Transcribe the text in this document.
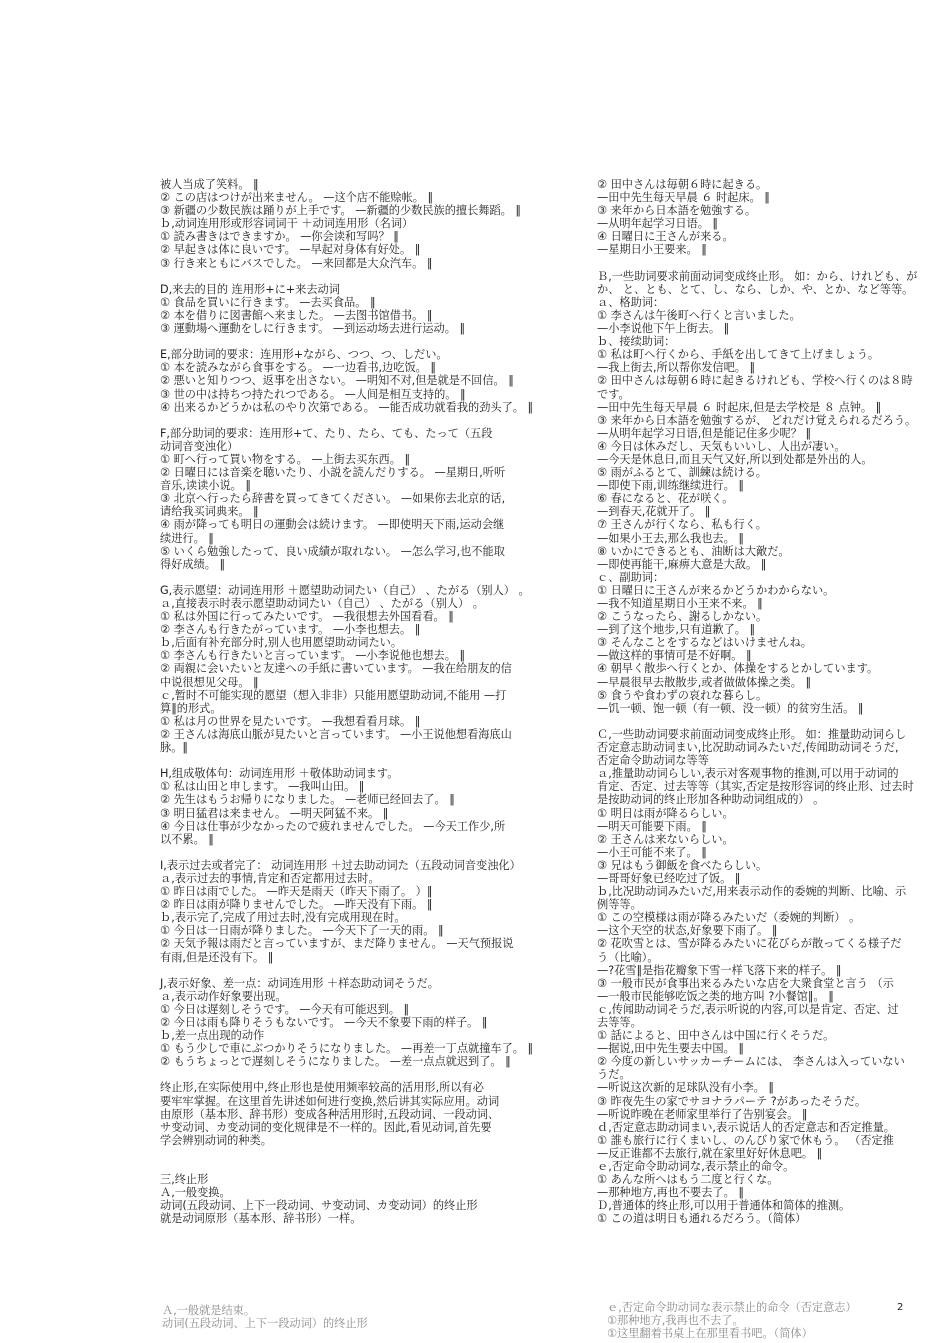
被人当成了笑料。 ‖
② この店はつけが出来ません。 —这个店不能赊帐。 ‖
③ 新疆の少数民族は踊りが上手です。 —新疆的少数民族的擅长舞蹈。 ‖
ｂ,动词连用形或形容词词干 ＋动词连用形（名词）
① 読み書きはできますか。 —你会读和写吗？ ‖
② 早起きは体に良いです。 —早起对身体有好处。 ‖
③ 行き来ともにバスでした。 —来回都是大众汽车。 ‖
D,来去的目的 连用形+に+来去动词
① 食品を買いに行きます。 —去买食品。 ‖
② 本を借りに図書館へ来ました。 —去图书馆借书。 ‖
③ 運動場へ運動をしに行きます。 —到运动场去进行运动。 ‖
E,部分助词的要求：连用形+ながら、つつ、つ、しだい。
① 本を読みながら食事をする。 —一边看书,边吃饭。 ‖
② 悪いと知りつつ、返事を出さない。 —明知不对,但是就是不回信。 ‖
③ 世の中は持ちつ持たれつである。 —人间是相互支持的。 ‖
④ 出来るかどうかは私のやり次第である。 —能否成功就看我的劲头了。 ‖
F,部分助词的要求：连用形+て、たり、たら、ても、たって（五段
动词音变浊化）
① 町へ行って買い物をする。 —上街去买东西。 ‖
② 日曜日には音楽を聴いたり、小説を読んだりする。 —星期日,听听
音乐,读读小说。 ‖
③ 北京へ行ったら辞書を買ってきてください。 —如果你去北京的话,
请给我买词典来。 ‖
④ 雨が降っても明日の運動会は続けます。 —即使明天下雨,运动会继
续进行。 ‖
⑤ いくら勉強したって、良い成績が取れない。 —怎么学习,也不能取
得好成绩。 ‖
G,表示愿望：动词连用形 ＋愿望助动词たい（自己） 、たがる（别人） 。
ａ,直接表示时表示愿望助动词たい（自己） 、たがる（别人） 。
① 私は外国に行ってみたいです。 —我很想去外国看看。 ‖
② 李さんも行きたがっています。 —小李也想去。 ‖
ｂ,后面有补充部分时,别人也用愿望助动词たい。
① 李さんも行きたいと言っています。 —小李说他也想去。 ‖
② 両親に会いたいと友達への手紙に書いています。 —我在给朋友的信
中说很想见父母。 ‖
ｃ,暂时不可能实现的愿望（想入非非）只能用愿望助动词,不能用 —打
算‖的形式。
① 私は月の世界を見たいです。 —我想看看月球。 ‖
② 王さんは海底山脈が見たいと言っています。 —小王说他想看海底山
脉。‖
H,组成敬体句：动词连用形 ＋敬体助动词ます。
① 私は山田と申します。 —我叫山田。 ‖
② 先生はもうお帰りになりました。 —老师已经回去了。 ‖
③ 明日猛君は来ません。 —明天阿猛不来。 ‖
④ 今日は仕事が少なかったので疲れませんでした。 —今天工作少,所
以不累。 ‖
I,表示过去或者完了： 动词连用形 ＋过去助动词た（五段动词音变浊化）
ａ,表示过去的事情,肯定和否定都用过去时。
① 昨日は雨でした。 —昨天是雨天（昨天下雨了。 ）‖
② 昨日は雨が降りませんでした。 —昨天没有下雨。 ‖
ｂ,表示完了,完成了用过去时,没有完成用现在时。
① 今日は一日雨が降りました。 —今天下了一天的雨。 ‖
② 天気予報は雨だと言っていますが、まだ降りません。 —天气预报说
有雨,但是还没有下。 ‖
J,表示好象、差一点：动词连用形 ＋样态助动词そうだ。
ａ,表示动作好象要出现。
① 今日は遅刻しそうです。 —今天有可能迟到。 ‖
② 今日は雨も降りそうもないです。 —今天不象要下雨的样子。 ‖
ｂ,差一点出现的动作
① もう少しで車にぶつかりそうになりました。 —再差一丁点就撞车了。 ‖
② もうちょっとで遅刻しそうになりました。 —差一点点就迟到了。 ‖
终止形,在实际使用中,终止形也是使用频率较高的活用形,所以有必
要牢牢掌握。在这里首先讲述如何进行变换,然后讲其实际应用。动词
由原形（基本形、辞书形）变成各种活用形时,五段动词、一段动词、
サ变动词、カ变动词的变化规律是不一样的。因此,看见动词,首先要
学会辨别动词的种类。
三,终止形
Ａ,一般变换。
动词(五段动词、上下一段动词、サ变动词、カ变动词）的终止形
就是动词原形（基本形、辞书形）一样。
② 田中さんは毎朝６時に起きる。
—田中先生每天早晨 ６ 时起床。 ‖
③ 来年から日本語を勉強する。
—从明年起学习日语。 ‖
④ 日曜日に王さんが来る。
—星期日小王要来。 ‖
Ｂ,一些助词要求前面动词变成终止形。 如：から、けれども、が
か、 と、とも、とて、し、なら、しか、や、とか、など等等。
ａ、格助词：
① 李さんは午後町へ行くと言いました。
—小李说他下午上街去。 ‖
ｂ、接续助词：
① 私は町へ行くから、手紙を出してきて上げましょう。
—我上街去,所以帮你发信吧。 ‖
② 田中さんは毎朝６時に起きるけれども、学校へ行くのは８時
です。
—田中先生每天早晨 ６ 时起床,但是去学校是 ８ 点钟。 ‖
③ 来年から日本語を勉強するが、 どれだけ覚えられるだろう。
—从明年起学习日语,但是能记住多少呢？ ‖
④ 今日は休みだし、天気もいいし、人出が凄い。
—今天是休息日,而且天气又好,所以到处都是外出的人。
⑤ 雨がふるとて、訓練は続ける。
—即使下雨,训练继续进行。 ‖
⑥ 春になると、花が咲く。
—到春天,花就开了。 ‖
⑦ 王さんが行くなら、私も行く。
—如果小王去,那么我也去。 ‖
⑧ いかにできるとも、油断は大敵だ。
—即使再能干,麻痹大意是大敌。 ‖
ｃ、副助词：
① 日曜日に王さんが来るかどうかわからない。
—我不知道星期日小王来不来。 ‖
② こうなったら、謝るしかない。
—到了这个地步,只有道歉了。 ‖
③ そんなことをするなどはいけませんね。
—做这样的事情可是不好啊。 ‖
④ 朝早く散歩へ行くとか、体操をするとかしています。
—早晨很早去散散步,或者做做体操之类。 ‖
⑤ 食うや食わずの哀れな暮らし。
—饥一顿、饱一顿（有一顿、没一顿）的贫穷生活。 ‖
Ｃ,一些助动词要求前面动词变成终止形。 如：推量助动词らし
否定意志助动词まい,比况助动词みたいだ,传闻助动词そうだ,
否定命令助动词な等等
ａ,推量助动词らしい,表示对客观事物的推测,可以用于动词的
肯定、否定、过去等等（其实,否定是按形容词的终止形、过去时
是按助动词的终止形加各种助动词组成的） 。
① 明日は雨が降るらしい。
—明天可能要下雨。 ‖
② 王さんは来ないらしい。
—小王可能不来了。 ‖
③ 兄はもう御飯を食べたらしい。
—哥哥好象已经吃过了饭。 ‖
ｂ,比况助动词みたいだ,用来表示动作的委婉的判断、比喻、示
例等等。
① この空模様は雨が降るみたいだ（委婉的判断） 。
—这个天空的状态,好象要下雨了。 ‖
② 花吹雪とは、雪が降るみたいに花びらが散ってくる様子だ
う（比喻）。
—?花雪‖是指花瓣象下雪一样飞落下来的样子。 ‖
③ 一般市民が食事出来るみたいな店を大衆食堂と言う （示
—一般市民能够吃饭之类的地方叫 ?小餐馆‖。 ‖
ｃ,传闻助动词そうだ,表示听说的内容,可以是肯定、否定、过
去等等。
① 話によると、田中さんは中国に行くそうだ。
—据说,田中先生要去中国。 ‖
② 今度の新しいサッカーチームには、 李さんは入っていない
うだ。
—听说这次新的足球队没有小李。 ‖
③ 昨夜先生の家でサヨナラパーテ ?があったそうだ。
—听说昨晚在老师家里举行了告别宴会。 ‖
ｄ,否定意志助动词まい,表示说话人的否定意志和否定推量。
① 誰も旅行に行くまいし、のんびり家で休もう。 （否定推
—反正谁都不去旅行,就在家里好好休息吧。 ‖
ｅ,否定命令助动词な,表示禁止的命令。
① あんな所へはもう二度と行くな。
—那种地方,再也不要去了。 ‖
Ｄ,普通体的终止形,可以用于普通体和简体的推测。
① この道は明日も通れるだろう。（简体）
2
Ａ,一般就是结束。
动词(五段动词、上下一段动词）的终止形
ｅ,否定命令助动词な表示禁止的命令（否定意志）
①那种地方,我再也不去了。
①这里翻着书桌上在那里看书吧。（简体）
